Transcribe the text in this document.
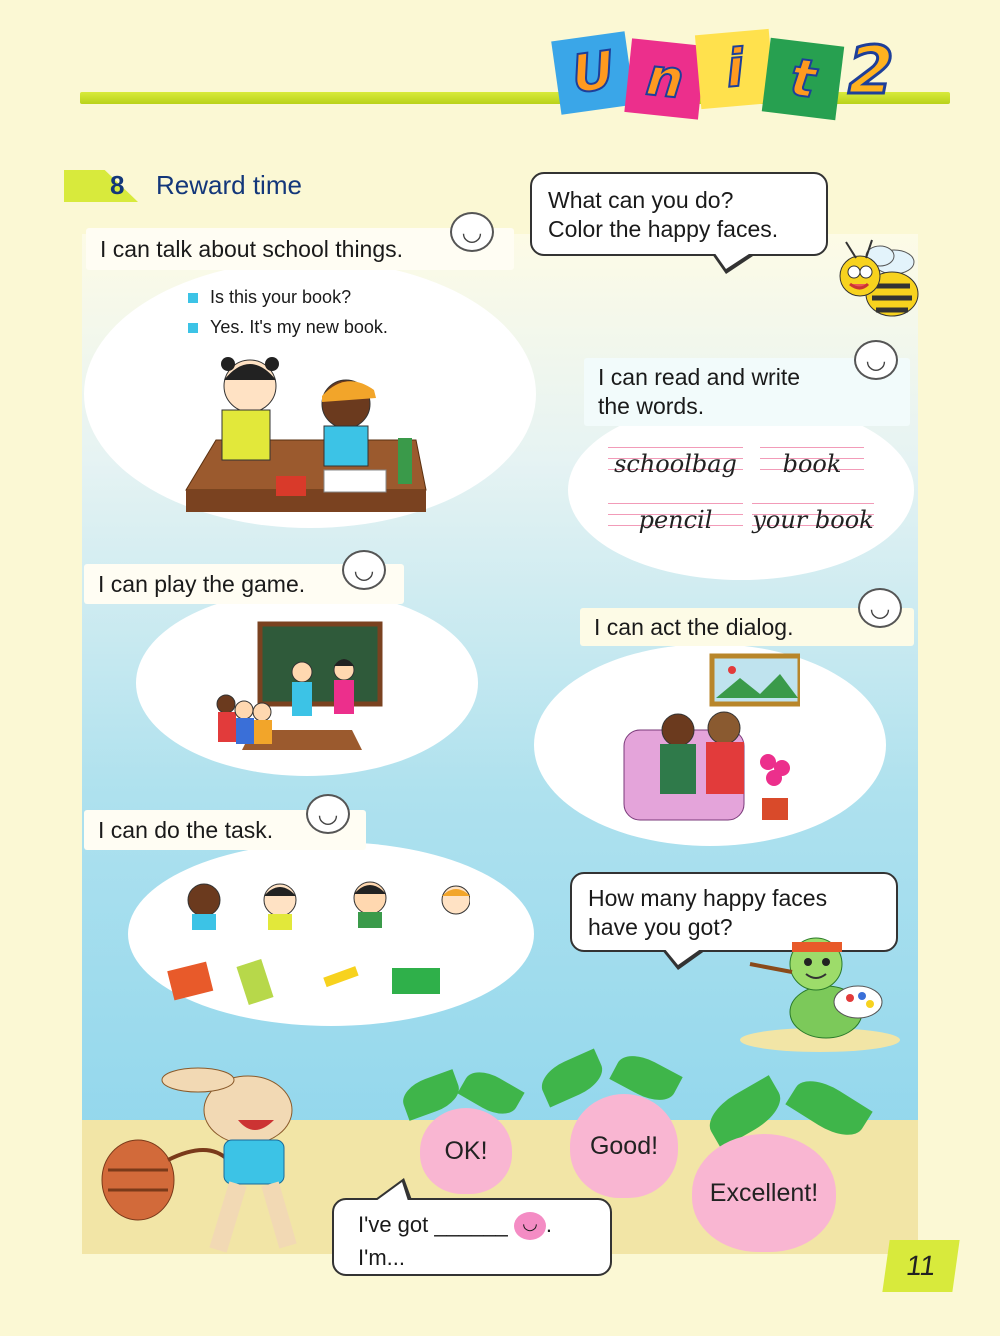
U n i t 2
8 Reward time	What can you do?
Color the happy faces.
I can talk about school things.
◡
Is this your book?
Yes. It's my new book.
I can read and write
the words.
◡
schoolbag	book
pencil	your book
I can play the game. ◡
I can act the dialog.
◡
I can do the task.
◡
How many happy faces
have you got?
OK!	Good!
Excellent!
I've got ______ ◡ .
I'm...	11
